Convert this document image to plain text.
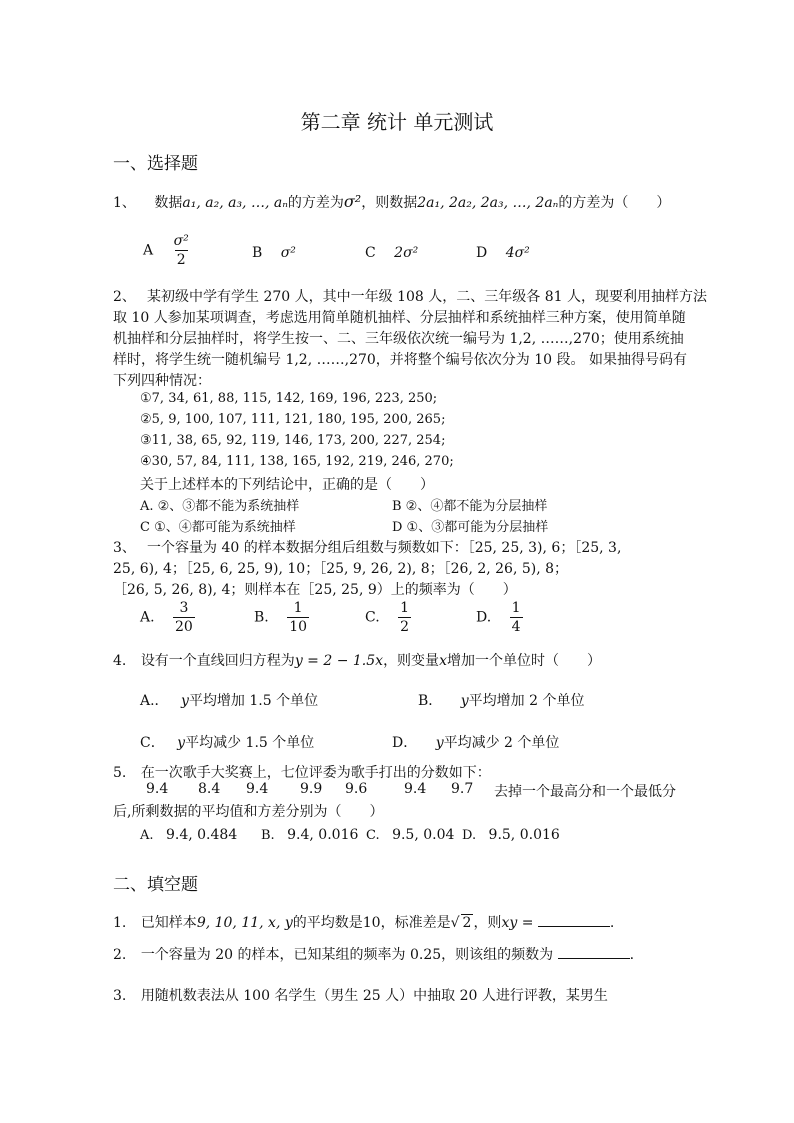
第二章 统计 单元测试
一、选择题
1、 数据a₁, a₂, a₃, …, aₙ的方差为σ²，则数据2a₁, 2a₂, 2a₃, …, 2aₙ的方差为（　　）
A $\frac{\text{σ²}}{2}$	B σ²	C 2σ²	D 4σ²
2、 某初级中学有学生 270 人，其中一年级 108 人，二、三年级各 81 人，现要利用抽样方法
取 10 人参加某项调查，考虑选用简单随机抽样、分层抽样和系统抽样三种方案，使用简单随
机抽样和分层抽样时，将学生按一、二、三年级依次统一编号为 1,2, ……,270；使用系统抽
样时，将学生统一随机编号 1,2, ……,270，并将整个编号依次分为 10 段。 如果抽得号码有
下列四种情况：
①7, 34, 61, 88, 115, 142, 169, 196, 223, 250;
②5, 9, 100, 107, 111, 121, 180, 195, 200, 265;
③11, 38, 65, 92, 119, 146, 173, 200, 227, 254;
④30, 57, 84, 111, 138, 165, 192, 219, 246, 270;
关于上述样本的下列结论中，正确的是（　　）
A. ②、③都不能为系统抽样	B ②、④都不能为分层抽样
C ①、④都可能为系统抽样	D ①、③都可能为分层抽样
3、 一个容量为 40 的样本数据分组后组数与频数如下：［25, 25, 3), 6；［25, 3,
25, 6), 4；［25, 6, 25, 9), 10；［25, 9, 26, 2), 8；［26, 2, 26, 5), 8；
［26, 5, 26, 8), 4；则样本在［25, 25, 9）上的频率为（　　）
A. $\frac{3}{20}$	B. $\frac{1}{10}$	C. $\frac{1}{2}$	D. $\frac{1}{4}$
4. 设有一个直线回归方程为y = 2 − 1.5x，则变量x增加一个单位时（　　）
A.． y平均增加 1.5 个单位	B． y平均增加 2 个单位
C． y平均减少 1.5 个单位	D． y平均减少 2 个单位
5. 在一次歌手大奖赛上，七位评委为歌手打出的分数如下：
9.4 8.4 9.4 9.9 9.6	9.4 9.7 去掉一个最高分和一个最低分
后,所剩数据的平均值和方差分别为（　　）
A. 9.4, 0.484 B. 9.4, 0.016 C. 9.5, 0.04 D. 9.5, 0.016
二、填空题
1. 已知样本9, 10, 11, x, y的平均数是10，标准差是√ 2 ，则xy =	.
2. 一个容量为 20 的样本，已知某组的频率为 0.25，则该组的频数为	.
3. 用随机数表法从 100 名学生（男生 25 人）中抽取 20 人进行评教，某男生
